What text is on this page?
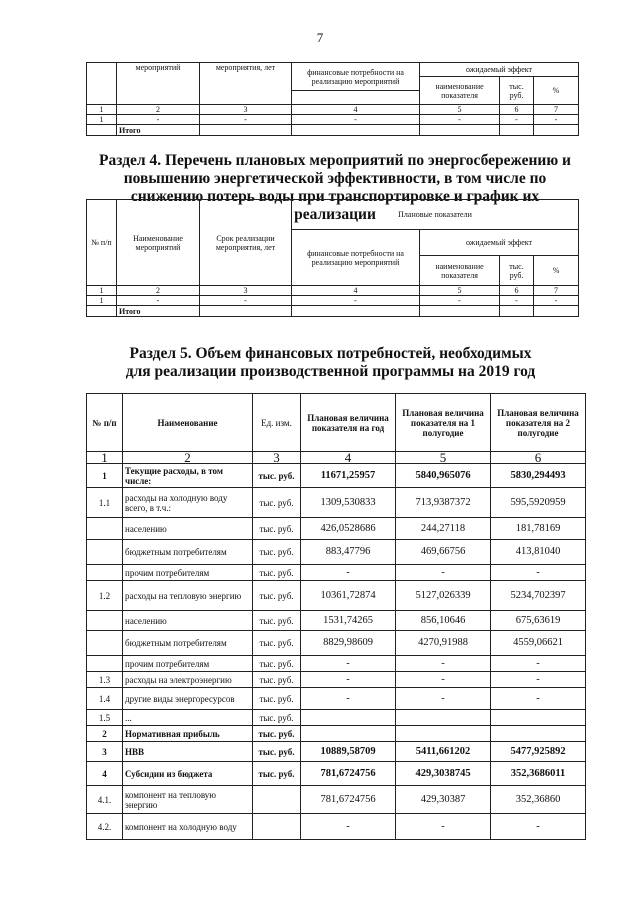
7
	мероприятий	мероприятия, лет	финансовые потребности на реализацию мероприятий	ожидаемый эффект		
				наименование показателя	тыс. руб.	%

1	2	3	4	5	6	7
1	-	-	-	-	-	-
	Итого					
Раздел 4. Перечень плановых мероприятий по энергосбережению и повышению энергетической эффективности, в том числе по снижению потерь воды при транспортировке и график их реализации
№ п/п	Наименование мероприятий	Срок реализации мероприятия, лет	Плановые показатели			
			финансовые потребности на реализацию мероприятий	ожидаемый эффект		
				наименование показателя	тыс. руб.	%
1	2	3	4	5	6	7
1	-	-	-	-	-	-
	Итого					
Раздел 5. Объем финансовых потребностей, необходимых для реализации производственной программы на 2019 год
№ п/п	Наименование	Ед. изм.	Плановая величина показателя на год	Плановая величина показателя на 1 полугодие	Плановая величина показателя на 2 полугодие
1	2	3	4	5	6
1	Текущие расходы, в том числе:	тыс. руб.	11671,25957	5840,965076	5830,294493
1.1	расходы на холодную воду всего, в т.ч.:	тыс. руб.	1309,530833	713,9387372	595,5920959
	населению	тыс. руб.	426,0528686	244,27118	181,78169
	бюджетным потребителям	тыс. руб.	883,47796	469,66756	413,81040
	прочим потребителям	тыс. руб.	-	-	-
1.2	расходы на тепловую энергию	тыс. руб.	10361,72874	5127,026339	5234,702397
	населению	тыс. руб.	1531,74265	856,10646	675,63619
	бюджетным потребителям	тыс. руб.	8829,98609	4270,91988	4559,06621
	прочим потребителям	тыс. руб.	-	-	-
1.3	расходы на электроэнергию	тыс. руб.	-	-	-
1.4	другие виды энергоресурсов	тыс. руб.	-	-	-
1.5	...	тыс. руб.			
2	Нормативная прибыль	тыс. руб.			
3	НВВ	тыс. руб.	10889,58709	5411,661202	5477,925892
4	Субсидии из бюджета	тыс. руб.	781,6724756	429,3038745	352,3686011
4.1.	компонент на тепловую энергию		781,6724756	429,30387	352,36860
4.2.	компонент на холодную воду		-	-	-
